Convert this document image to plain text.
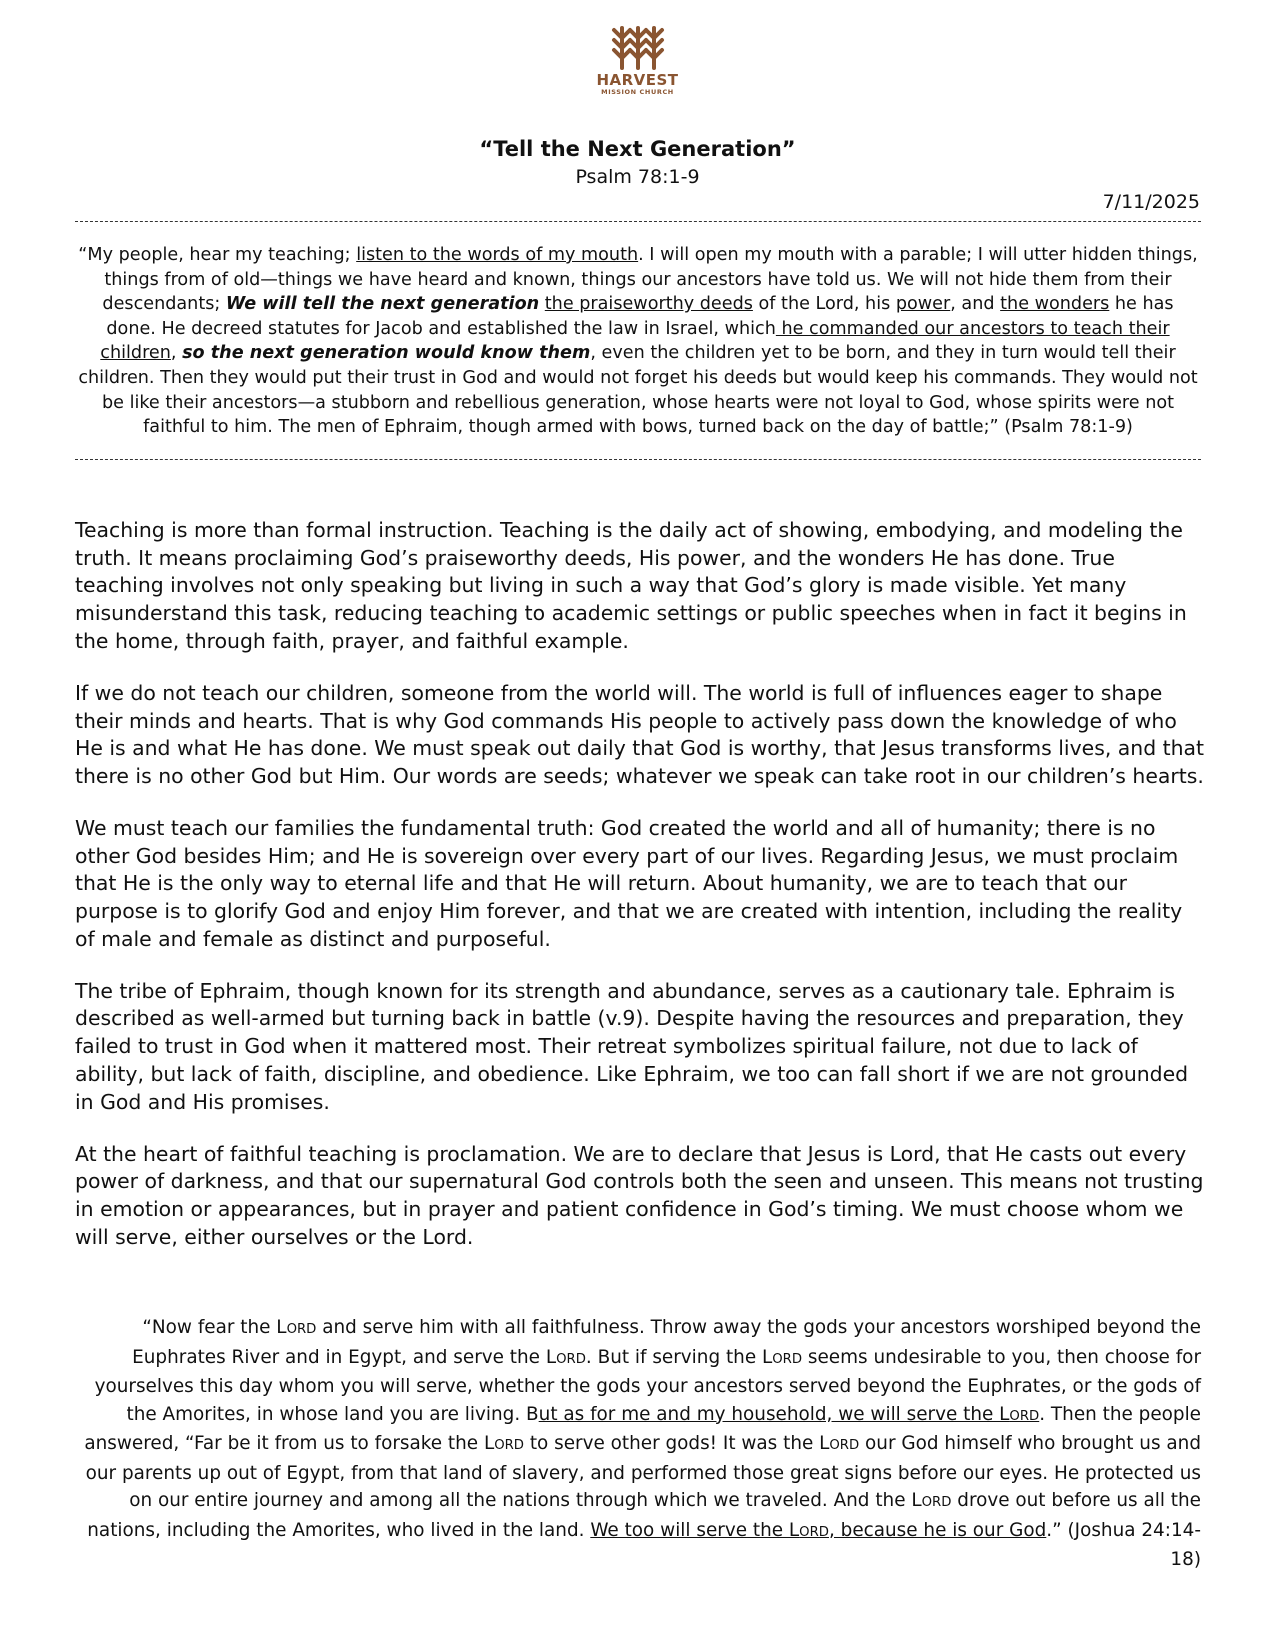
HARVEST
MISSION CHURCH
“Tell the Next Generation”
Psalm 78:1-9
7/11/2025
“My people, hear my teaching; listen to the words of my mouth. I will open my mouth with a parable; I will utter hidden things, things from of old—things we have heard and known, things our ancestors have told us. We will not hide them from their descendants; We will tell the next generation the praiseworthy deeds of the Lord, his power, and the wonders he has done. He decreed statutes for Jacob and established the law in Israel, which he commanded our ancestors to teach their children, so the next generation would know them, even the children yet to be born, and they in turn would tell their children. Then they would put their trust in God and would not forget his deeds but would keep his commands. They would not be like their ancestors—a stubborn and rebellious generation, whose hearts were not loyal to God, whose spirits were not faithful to him. The men of Ephraim, though armed with bows, turned back on the day of battle;” (Psalm 78:1-9)

Teaching is more than formal instruction. Teaching is the daily act of showing, embodying, and modeling the truth. It means proclaiming God’s praiseworthy deeds, His power, and the wonders He has done. True teaching involves not only speaking but living in such a way that God’s glory is made visible. Yet many misunderstand this task, reducing teaching to academic settings or public speeches when in fact it begins in the home, through faith, prayer, and faithful example.

If we do not teach our children, someone from the world will. The world is full of influences eager to shape their minds and hearts. That is why God commands His people to actively pass down the knowledge of who He is and what He has done. We must speak out daily that God is worthy, that Jesus transforms lives, and that there is no other God but Him. Our words are seeds; whatever we speak can take root in our children’s hearts.

We must teach our families the fundamental truth: God created the world and all of humanity; there is no other God besides Him; and He is sovereign over every part of our lives. Regarding Jesus, we must proclaim that He is the only way to eternal life and that He will return. About humanity, we are to teach that our purpose is to glorify God and enjoy Him forever, and that we are created with intention, including the reality of male and female as distinct and purposeful.

The tribe of Ephraim, though known for its strength and abundance, serves as a cautionary tale. Ephraim is described as well-armed but turning back in battle (v.9). Despite having the resources and preparation, they failed to trust in God when it mattered most. Their retreat symbolizes spiritual failure, not due to lack of ability, but lack of faith, discipline, and obedience. Like Ephraim, we too can fall short if we are not grounded in God and His promises.

At the heart of faithful teaching is proclamation. We are to declare that Jesus is Lord, that He casts out every power of darkness, and that our supernatural God controls both the seen and unseen. This means not trusting in emotion or appearances, but in prayer and patient confidence in God’s timing. We must choose whom we will serve, either ourselves or the Lord.

“Now fear the LORD and serve him with all faithfulness. Throw away the gods your ancestors worshiped beyond the Euphrates River and in Egypt, and serve the LORD. But if serving the LORD seems undesirable to you, then choose for yourselves this day whom you will serve, whether the gods your ancestors served beyond the Euphrates, or the gods of the Amorites, in whose land you are living. But as for me and my household, we will serve the LORD. Then the people answered, “Far be it from us to forsake the LORD to serve other gods! It was the LORD our God himself who brought us and our parents up out of Egypt, from that land of slavery, and performed those great signs before our eyes. He protected us on our entire journey and among all the nations through which we traveled. And the LORD drove out before us all the nations, including the Amorites, who lived in the land. We too will serve the LORD, because he is our God.” (Joshua 24:14-18)
